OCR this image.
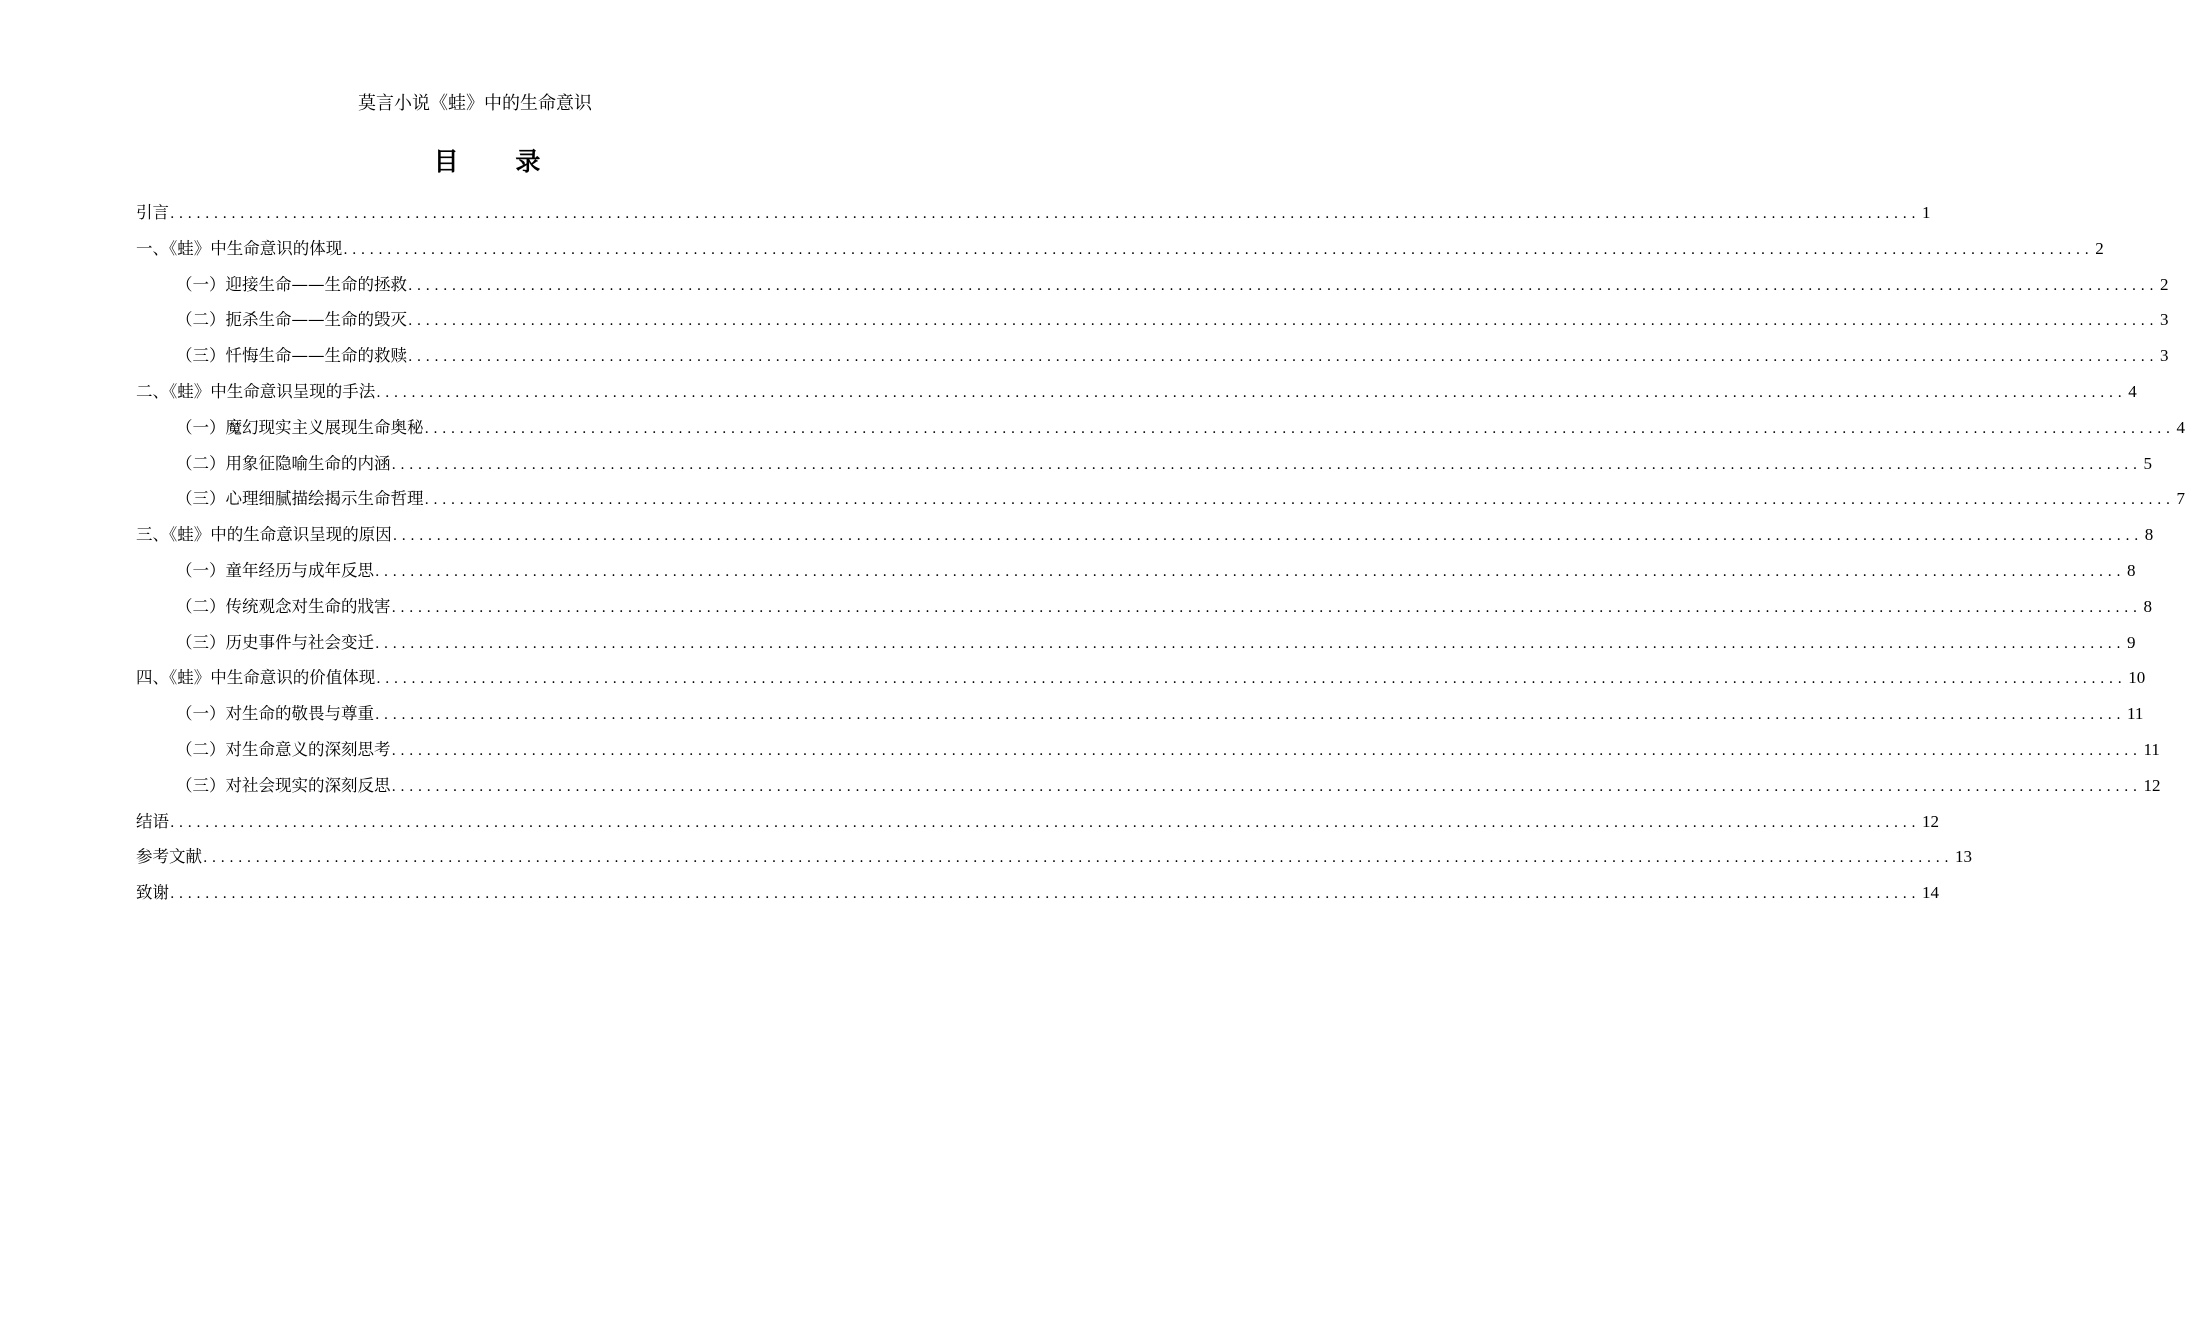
莫言小说《蛙》中的生命意识
目 录
引言 ........................................................................................................................................................................................................ 1
一、《蛙》中生命意识的体现 ........................................................................................................................................................................................................ 2
（一）迎接生命——生命的拯救 ........................................................................................................................................................................................................ 2
（二）扼杀生命——生命的毁灭 ........................................................................................................................................................................................................ 3
（三）忏悔生命——生命的救赎 ........................................................................................................................................................................................................ 3
二、《蛙》中生命意识呈现的手法 ........................................................................................................................................................................................................ 4
（一）魔幻现实主义展现生命奥秘 ........................................................................................................................................................................................................ 4
（二）用象征隐喻生命的内涵 ........................................................................................................................................................................................................ 5
（三）心理细腻描绘揭示生命哲理 ........................................................................................................................................................................................................ 7
三、《蛙》中的生命意识呈现的原因 ........................................................................................................................................................................................................ 8
（一）童年经历与成年反思 ........................................................................................................................................................................................................ 8
（二）传统观念对生命的戕害 ........................................................................................................................................................................................................ 8
（三）历史事件与社会变迁 ........................................................................................................................................................................................................ 9
四、《蛙》中生命意识的价值体现 ........................................................................................................................................................................................................ 10
（一）对生命的敬畏与尊重 ........................................................................................................................................................................................................ 11
（二）对生命意义的深刻思考 ........................................................................................................................................................................................................ 11
（三）对社会现实的深刻反思 ........................................................................................................................................................................................................ 12
结语 ........................................................................................................................................................................................................ 12
参考文献 ........................................................................................................................................................................................................ 13
致谢 ........................................................................................................................................................................................................ 14
